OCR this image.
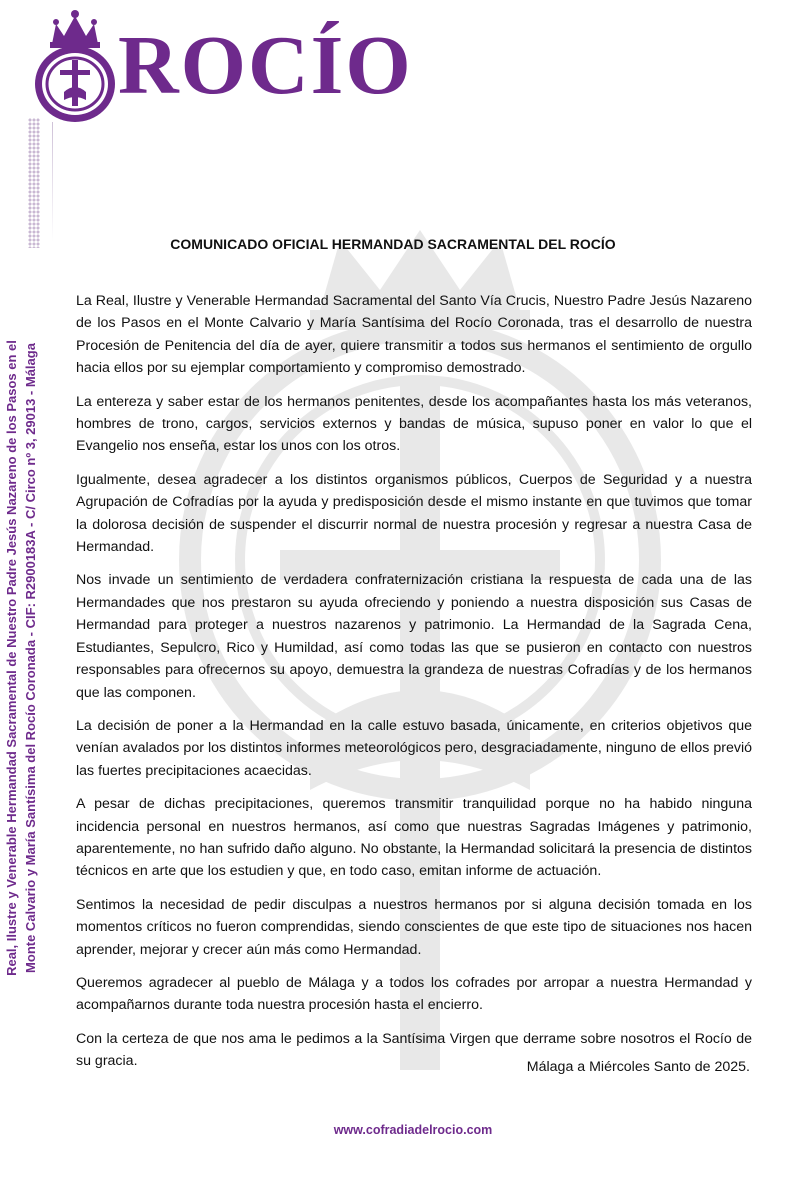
ROCÍO
Real, Ilustre y Venerable Hermandad Sacramental de Nuestro Padre Jesús Nazareno de los Pasos en el Monte Calvario y María Santísima del Rocío Coronada - CIF: R2900183A - C/ Circo nº 3, 29013 - Málaga
COMUNICADO OFICIAL HERMANDAD SACRAMENTAL DEL ROCÍO

La Real, Ilustre y Venerable Hermandad Sacramental del Santo Vía Crucis, Nuestro Padre Jesús Nazareno de los Pasos en el Monte Calvario y María Santísima del Rocío Coronada, tras el desarrollo de nuestra Procesión de Penitencia del día de ayer, quiere transmitir a todos sus hermanos el sentimiento de orgullo hacia ellos por su ejemplar comportamiento y compromiso demostrado.

La entereza y saber estar de los hermanos penitentes, desde los acompañantes hasta los más veteranos, hombres de trono, cargos, servicios externos y bandas de música, supuso poner en valor lo que el Evangelio nos enseña, estar los unos con los otros.

Igualmente, desea agradecer a los distintos organismos públicos, Cuerpos de Seguridad y a nuestra Agrupación de Cofradías por la ayuda y predisposición desde el mismo instante en que tuvimos que tomar la dolorosa decisión de suspender el discurrir normal de nuestra procesión y regresar a nuestra Casa de Hermandad.

Nos invade un sentimiento de verdadera confraternización cristiana la respuesta de cada una de las Hermandades que nos prestaron su ayuda ofreciendo y poniendo a nuestra disposición sus Casas de Hermandad para proteger a nuestros nazarenos y patrimonio. La Hermandad de la Sagrada Cena, Estudiantes, Sepulcro, Rico y Humildad, así como todas las que se pusieron en contacto con nuestros responsables para ofrecernos su apoyo, demuestra la grandeza de nuestras Cofradías y de los hermanos que las componen.

La decisión de poner a la Hermandad en la calle estuvo basada, únicamente, en criterios objetivos que venían avalados por los distintos informes meteorológicos pero, desgraciadamente, ninguno de ellos previó las fuertes precipitaciones acaecidas.

A pesar de dichas precipitaciones, queremos transmitir tranquilidad porque no ha habido ninguna incidencia personal en nuestros hermanos, así como que nuestras Sagradas Imágenes y patrimonio, aparentemente, no han sufrido daño alguno. No obstante, la Hermandad solicitará la presencia de distintos técnicos en arte que los estudien y que, en todo caso, emitan informe de actuación.

Sentimos la necesidad de pedir disculpas a nuestros hermanos por si alguna decisión tomada en los momentos críticos no fueron comprendidas, siendo conscientes de que este tipo de situaciones nos hacen aprender, mejorar y crecer aún más como Hermandad.

Queremos agradecer al pueblo de Málaga y a todos los cofrades por arropar a nuestra Hermandad y acompañarnos durante toda nuestra procesión hasta el encierro.

Con la certeza de que nos ama le pedimos a la Santísima Virgen que derrame sobre nosotros el Rocío de su gracia.	Málaga a Miércoles Santo de 2025.
www.cofradiadelrocio.com
